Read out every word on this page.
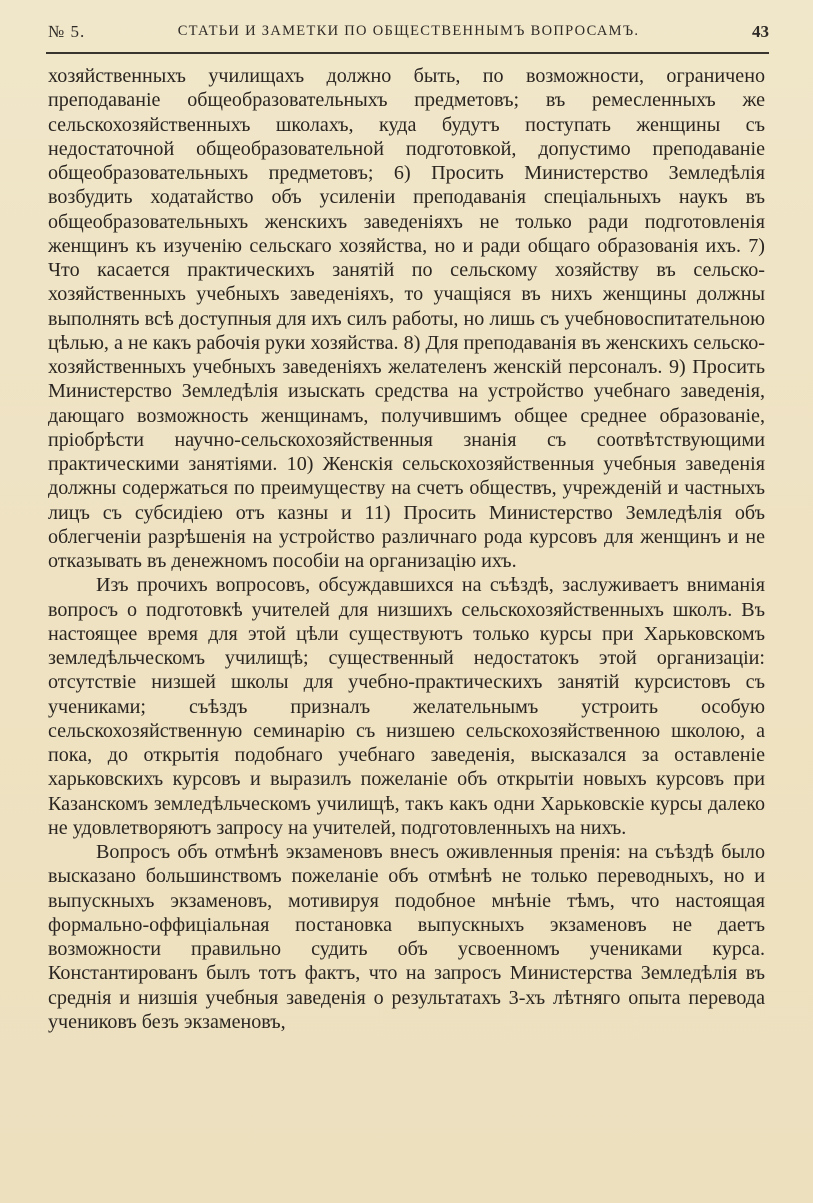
№ 5.	СТАТЬИ И ЗАМЕТКИ ПО ОБЩЕСТВЕННЫМЪ ВОПРОСАМЪ.	43

хозяйственныхъ училищахъ должно быть, по возможности, ограничено преподаванiе общеобразовательныхъ предметовъ; въ ремесленныхъ же сельскохозяйственныхъ школахъ, куда будутъ поступать женщины съ недостаточной общеобразовательной подготовкой, допустимо преподаванiе общеобразовательныхъ предметовъ; 6) Просить Министерство Земледѣлiя возбудить ходатайство объ усиленiи преподаванiя спецiальныхъ наукъ въ общеобразовательныхъ женскихъ заведенiяхъ не только ради подготовленiя женщинъ къ изученiю сельскаго хозяйства, но и ради общаго образованiя ихъ. 7) Что касается практическихъ занятiй по сельскому хозяйству въ сельско-хозяйственныхъ учебныхъ заведенiяхъ, то учащiяся въ нихъ женщины должны выполнять всѣ доступныя для ихъ силъ работы, но лишь съ учебновоспитательною цѣлью, а не какъ рабочiя руки хозяйства. 8) Для преподаванiя въ женскихъ сельско-хозяйственныхъ учебныхъ заведенiяхъ желателенъ женскiй персоналъ. 9) Просить Министерство Земледѣлiя изыскать средства на устройство учебнаго заведенiя, дающаго возможность женщинамъ, получившимъ общее среднее образованiе, прiобрѣсти научно-сельскохозяйственныя знанiя съ соотвѣтствующими практическими занятiями. 10) Женскiя сельскохозяйственныя учебныя заведенiя должны содержаться по преимуществу на счетъ обществъ, учрежденiй и частныхъ лицъ съ субсидiею отъ казны и 11) Просить Министерство Земледѣлiя объ облегченiи разрѣшенiя на устройство различнаго рода курсовъ для женщинъ и не отказывать въ денежномъ пособiи на организацiю ихъ.

Изъ прочихъ вопросовъ, обсуждавшихся на съѣздѣ, заслуживаетъ вниманiя вопросъ о подготовкѣ учителей для низшихъ сельскохозяйственныхъ школъ. Въ настоящее время для этой цѣли существуютъ только курсы при Харьковскомъ земледѣльческомъ училищѣ; существенный недостатокъ этой организацiи: отсутствiе низшей школы для учебно-практическихъ занятiй курсистовъ съ учениками; съѣздъ призналъ желательнымъ устроить особую сельскохозяйственную семинарiю съ низшею сельскохозяйственною школою, а пока, до открытiя подобнаго учебнаго заведенiя, высказался за оставленiе харьковскихъ курсовъ и выразилъ пожеланiе объ открытiи новыхъ курсовъ при Казанскомъ земледѣльческомъ училищѣ, такъ какъ одни Харьковскiе курсы далеко не удовлетворяютъ запросу на учителей, подготовленныхъ на нихъ.

Вопросъ объ отмѣнѣ экзаменовъ внесъ оживленныя пренiя: на съѣздѣ было высказано большинствомъ пожеланiе объ отмѣнѣ не только переводныхъ, но и выпускныхъ экзаменовъ, мотивируя подобное мнѣнiе тѣмъ, что настоящая формально-оффицiальная постановка выпускныхъ экзаменовъ не даетъ возможности правильно судить объ усвоенномъ учениками курса. Константированъ былъ тотъ фактъ, что на запросъ Министерства Земледѣлiя въ среднiя и низшiя учебныя заведенiя о результатахъ 3-хъ лѣтняго опыта перевода учениковъ безъ экзаменовъ,
